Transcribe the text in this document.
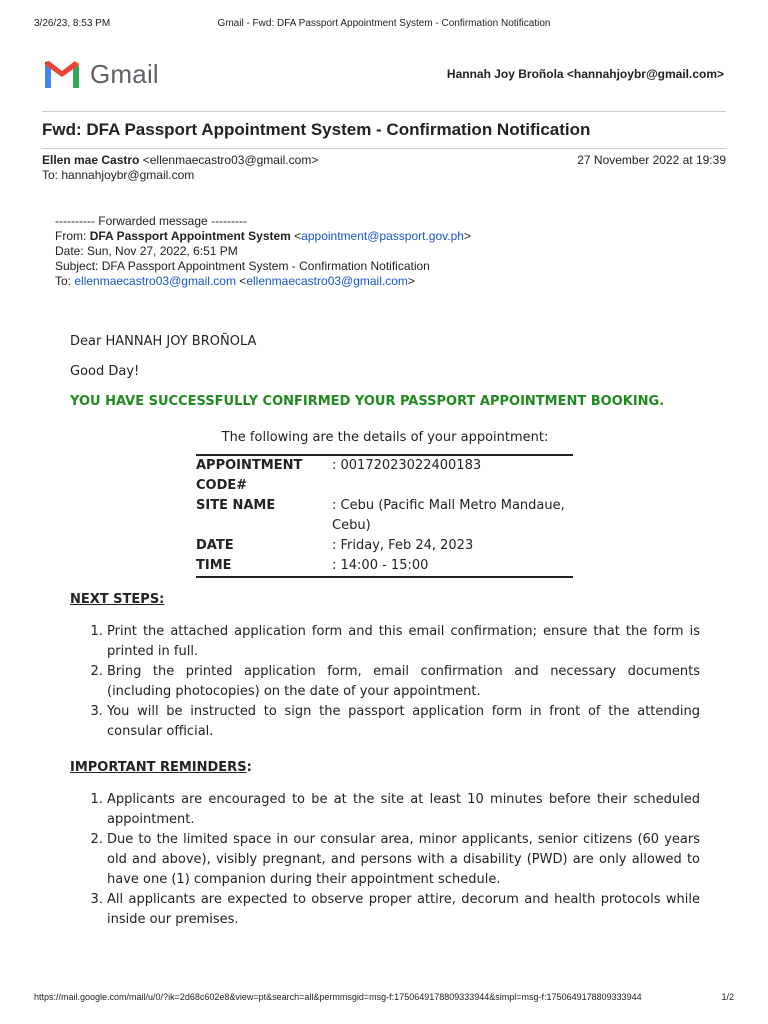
3/26/23, 8:53 PM	Gmail - Fwd: DFA Passport Appointment System - Confirmation Notification
Gmail	Hannah Joy Broñola <hannahjoybr@gmail.com>
Fwd: DFA Passport Appointment System - Confirmation Notification
Ellen mae Castro <ellenmaecastro03@gmail.com>	27 November 2022 at 19:39
To: hannahjoybr@gmail.com
---------- Forwarded message ---------
From: DFA Passport Appointment System <appointment@passport.gov.ph>
Date: Sun, Nov 27, 2022, 6:51 PM
Subject: DFA Passport Appointment System - Confirmation Notification
To: ellenmaecastro03@gmail.com <ellenmaecastro03@gmail.com>

Dear HANNAH JOY BROÑOLA

Good Day!

YOU HAVE SUCCESSFULLY CONFIRMED YOUR PASSPORT APPOINTMENT BOOKING.

The following are the details of your appointment:

APPOINTMENT CODE#	: 00172023022400183
SITE NAME	: Cebu (Pacific Mall Metro Mandaue, Cebu)
DATE	: Friday, Feb 24, 2023
TIME	: 14:00 - 15:00

NEXT STEPS:

1. Print the attached application form and this email confirmation; ensure that the form is printed in full.
2. Bring the printed application form, email confirmation and necessary documents (including photocopies) on the date of your appointment.
3. You will be instructed to sign the passport application form in front of the attending consular official.

IMPORTANT REMINDERS:

1. Applicants are encouraged to be at the site at least 10 minutes before their scheduled appointment.
2. Due to the limited space in our consular area, minor applicants, senior citizens (60 years old and above), visibly pregnant, and persons with a disability (PWD) are only allowed to have one (1) companion during their appointment schedule.
3. All applicants are expected to observe proper attire, decorum and health protocols while inside our premises.
https://mail.google.com/mail/u/0/?ik=2d68c602e8&view=pt&search=all&permmsgid=msg-f:1750649178809333944&simpl=msg-f:1750649178809333944	1/2
